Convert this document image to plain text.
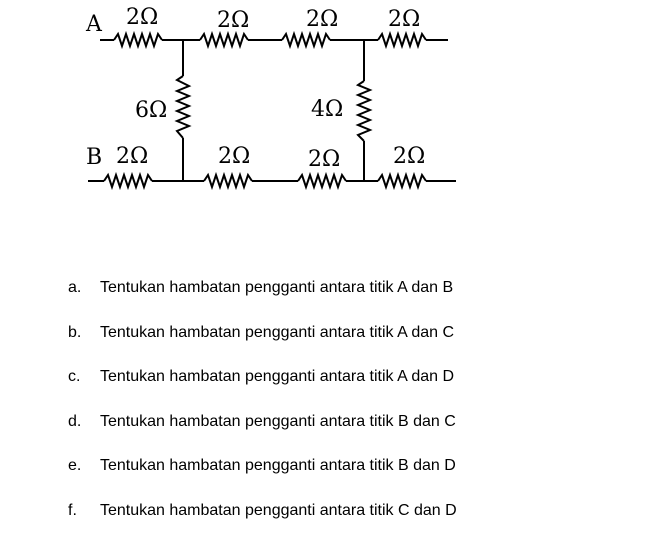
A
B
2Ω	2Ω	2Ω 2Ω
2Ω	2Ω	2Ω 2Ω
6Ω	4Ω
a.	Tentukan hambatan pengganti antara titik A dan B
b.	Tentukan hambatan pengganti antara titik A dan C
c.	Tentukan hambatan pengganti antara titik A dan D
d.	Tentukan hambatan pengganti antara titik B dan C
e.	Tentukan hambatan pengganti antara titik B dan D
f.	Tentukan hambatan pengganti antara titik C dan D
